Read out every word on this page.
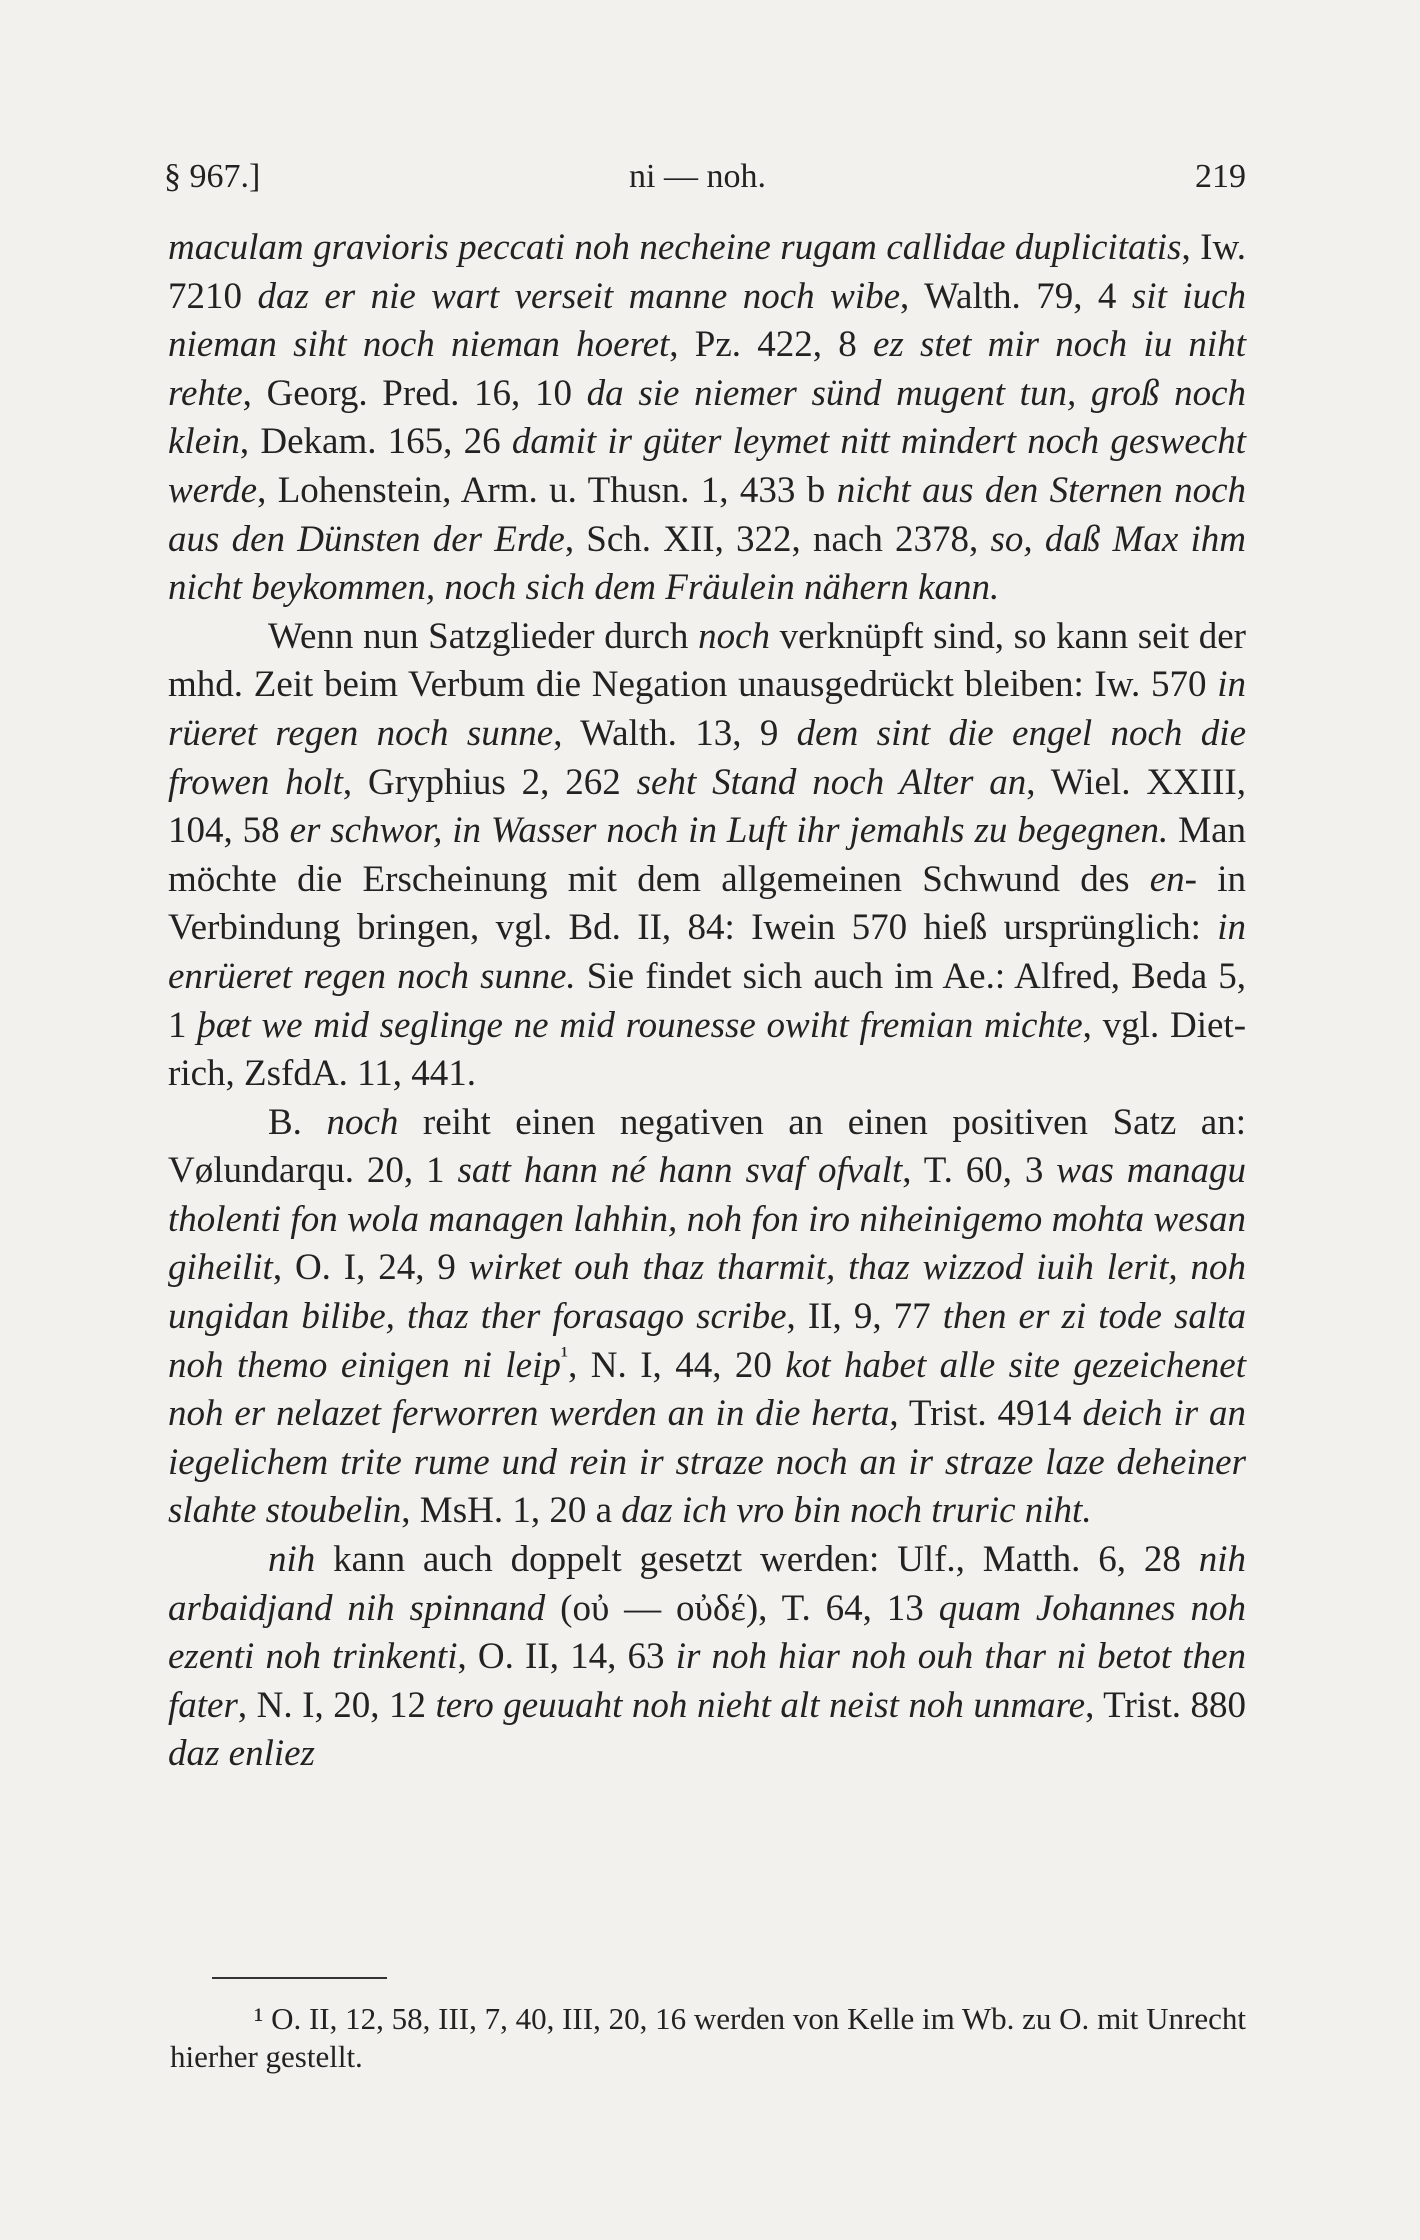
§ 967.]	ni — noh.	219

maculam gravioris peccati noh necheine rugam callidae duplicitatis, Iw. 7210 daz er nie wart verseit manne noch wibe, Walth. 79, 4 sit iuch nieman siht noch nieman hoeret, Pz. 422, 8 ez stet mir noch iu niht rehte, Georg. Pred. 16, 10 da sie niemer sünd mugent tun, groß noch klein, Dekam. 165, 26 damit ir güter leymet nitt mindert noch geswecht werde, Lohenstein, Arm. u. Thusn. 1, 433 b nicht aus den Sternen noch aus den Dünsten der Erde, Sch. XII, 322, nach 2378, so, daß Max ihm nicht beykommen, noch sich dem Fräulein nähern kann.

Wenn nun Satzglieder durch noch verknüpft sind, so kann seit der mhd. Zeit beim Verbum die Negation unausgedrückt bleiben: Iw. 570 in rüeret regen noch sunne, Walth. 13, 9 dem sint die engel noch die frowen holt, Gryphius 2, 262 seht Stand noch Alter an, Wiel. XXIII, 104, 58 er schwor, in Wasser noch in Luft ihr jemahls zu begegnen. Man möchte die Erscheinung mit dem allgemeinen Schwund des en- in Verbindung bringen, vgl. Bd. II, 84: Iwein 570 hieß ursprünglich: in enrüeret regen noch sunne. Sie findet sich auch im Ae.: Alfred, Beda 5, 1 þæt we mid seglinge ne mid rounesse owiht fremian michte, vgl. Dietrich, ZsfdA. 11, 441.

B. noch reiht einen negativen an einen positiven Satz an: Vølundarqu. 20, 1 satt hann né hann svaf ofvalt, T. 60, 3 was managu tholenti fon wola managen lahhin, noh fon iro niheinigemo mohta wesan giheilit, O. I, 24, 9 wirket ouh thaz tharmit, thaz wizzod iuih lerit, noh ungidan bilibe, thaz ther forasago scribe, II, 9, 77 then er zi tode salta noh themo einigen ni leip$^{^1}$, N. I, 44, 20 kot habet alle site gezeichenet noh er nelazet ferworren werden an in die herta, Trist. 4914 deich ir an iegelichem trite rume und rein ir straze noch an ir straze laze deheiner slahte stoubelin, MsH. 1, 20 a daz ich vro bin noch truric niht.

nih kann auch doppelt gesetzt werden: Ulf., Matth. 6, 28 nih arbaidjand nih spinnand (οὐ — οὐδέ), T. 64, 13 quam Johannes noh ezenti noh trinkenti, O. II, 14, 63 ir noh hiar noh ouh thar ni betot then fater, N. I, 20, 12 tero geuuaht noh nieht alt neist noh unmare, Trist. 880 daz enliez

¹ O. II, 12, 58, III, 7, 40, III, 20, 16 werden von Kelle im Wb. zu O. mit Unrecht hierher gestellt.
